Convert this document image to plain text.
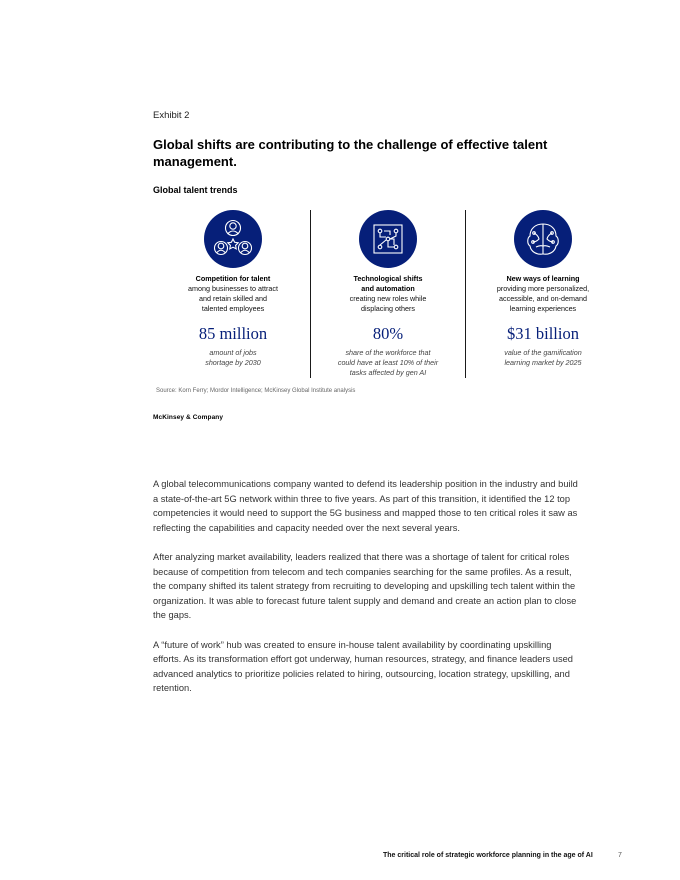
Exhibit 2
Global shifts are contributing to the challenge of effective talent management.
Global talent trends
Competition for talent
among businesses to attract
and retain skilled and
talented employees
85 million
amount of jobs
shortage by 2030
Technological shifts
and automation
creating new roles while
displacing others
80%
share of the workforce that
could have at least 10% of their
tasks affected by gen AI
New ways of learning
providing more personalized,
accessible, and on-demand
learning experiences
$31 billion
value of the gamification
learning market by 2025
Source: Korn Ferry; Mordor Intelligence; McKinsey Global Institute analysis
McKinsey & Company

A global telecommunications company wanted to defend its leadership position in the industry and build a state-of-the-art 5G network within three to five years. As part of this transition, it identified the 12 top competencies it would need to support the 5G business and mapped those to ten critical roles it saw as reflecting the capabilities and capacity needed over the next several years.

After analyzing market availability, leaders realized that there was a shortage of talent for critical roles because of competition from telecom and tech companies searching for the same profiles. As a result, the company shifted its talent strategy from recruiting to developing and upskilling tech talent within the organization. It was able to forecast future talent supply and demand and create an action plan to close the gaps.

A “future of work” hub was created to ensure in-house talent availability by coordinating upskilling efforts. As its transformation effort got underway, human resources, strategy, and finance leaders used advanced analytics to prioritize policies related to hiring, outsourcing, location strategy, upskilling, and retention.

The critical role of strategic workforce planning in the age of AI	7
